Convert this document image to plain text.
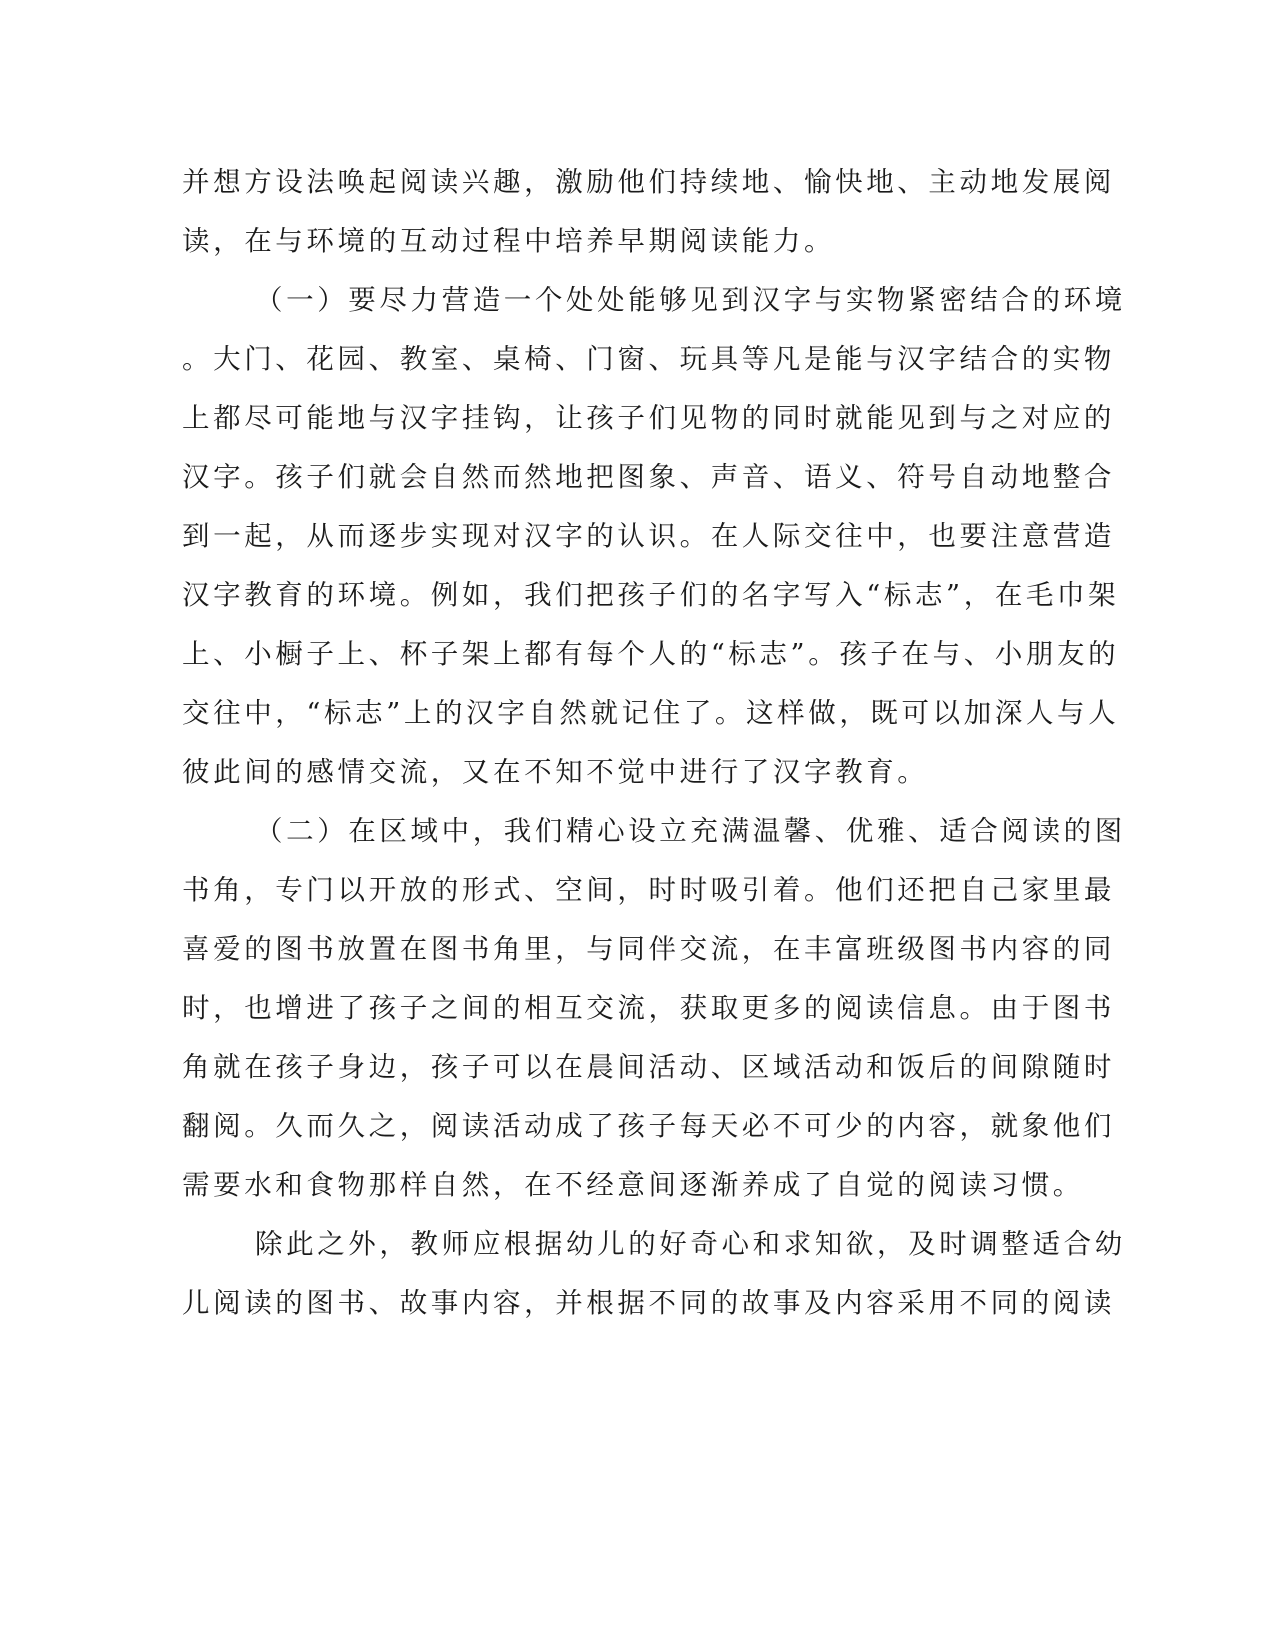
并想方设法唤起阅读兴趣，激励他们持续地、愉快地、主动地发展阅
读，在与环境的互动过程中培养早期阅读能力。
（一）要尽力营造一个处处能够见到汉字与实物紧密结合的环境
。大门、花园、教室、桌椅、门窗、玩具等凡是能与汉字结合的实物
上都尽可能地与汉字挂钩，让孩子们见物的同时就能见到与之对应的
汉字。孩子们就会自然而然地把图象、声音、语义、符号自动地整合
到一起，从而逐步实现对汉字的认识。在人际交往中，也要注意营造
汉字教育的环境。例如，我们把孩子们的名字写入“标志”，在毛巾架
上、小橱子上、杯子架上都有每个人的“标志”。孩子在与、小朋友的
交往中，“标志”上的汉字自然就记住了。这样做，既可以加深人与人
彼此间的感情交流，又在不知不觉中进行了汉字教育。
（二）在区域中，我们精心设立充满温馨、优雅、适合阅读的图
书角，专门以开放的形式、空间，时时吸引着。他们还把自己家里最
喜爱的图书放置在图书角里，与同伴交流，在丰富班级图书内容的同
时，也增进了孩子之间的相互交流，获取更多的阅读信息。由于图书
角就在孩子身边，孩子可以在晨间活动、区域活动和饭后的间隙随时
翻阅。久而久之，阅读活动成了孩子每天必不可少的内容，就象他们
需要水和食物那样自然，在不经意间逐渐养成了自觉的阅读习惯。
除此之外，教师应根据幼儿的好奇心和求知欲，及时调整适合幼
儿阅读的图书、故事内容，并根据不同的故事及内容采用不同的阅读
